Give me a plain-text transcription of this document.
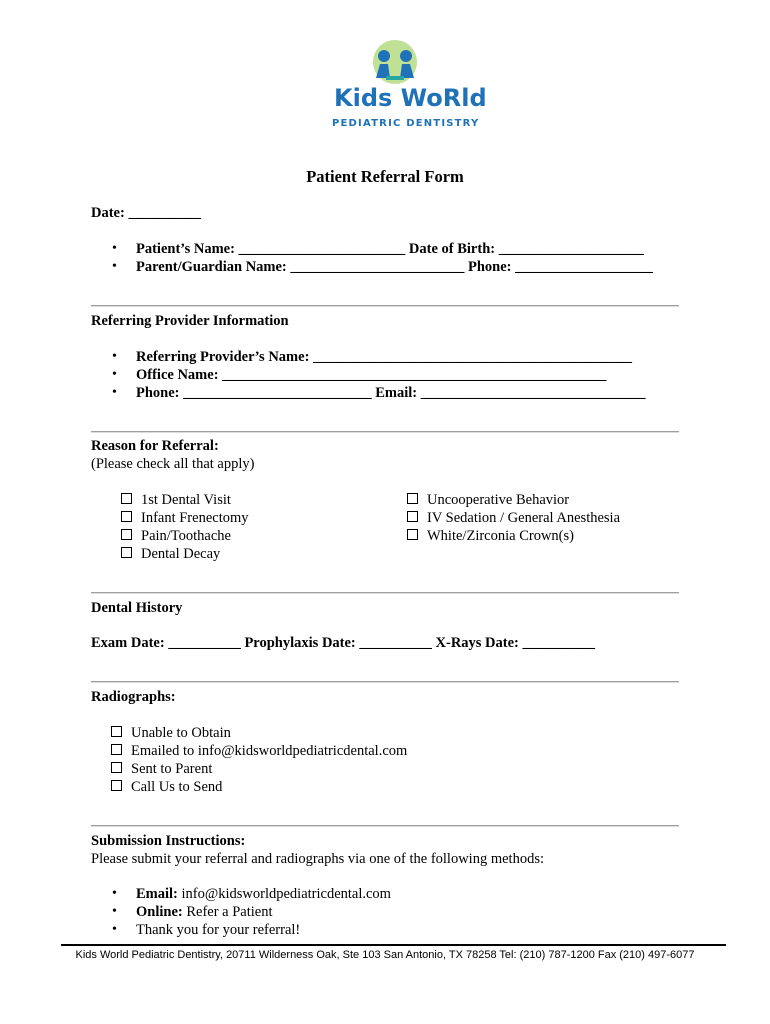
Kids WoRld
PEDIATRIC DENTISTRY
Patient Referral Form
Date: __________
• Patient’s Name: _______________________ Date of Birth: ____________________
• Parent/Guardian Name: ________________________ Phone: ___________________
Referring Provider Information
• Referring Provider’s Name: ____________________________________________
• Office Name: _____________________________________________________
• Phone: __________________________ Email: _______________________________
Reason for Referral:
(Please check all that apply)
1st Dental Visit
Infant Frenectomy
Pain/Toothache
Dental Decay
Uncooperative Behavior
IV Sedation / General Anesthesia
White/Zirconia Crown(s)
Dental History
Exam Date: __________ Prophylaxis Date: __________ X-Rays Date: __________
Radiographs:
Unable to Obtain
Emailed to info@kidsworldpediatricdental.com
Sent to Parent
Call Us to Send
Submission Instructions:
Please submit your referral and radiographs via one of the following methods:
• Email: info@kidsworldpediatricdental.com
• Online: Refer a Patient
• Thank you for your referral!
Kids World Pediatric Dentistry, 20711 Wilderness Oak, Ste 103 San Antonio, TX 78258 Tel: (210) 787-1200 Fax (210) 497-6077
